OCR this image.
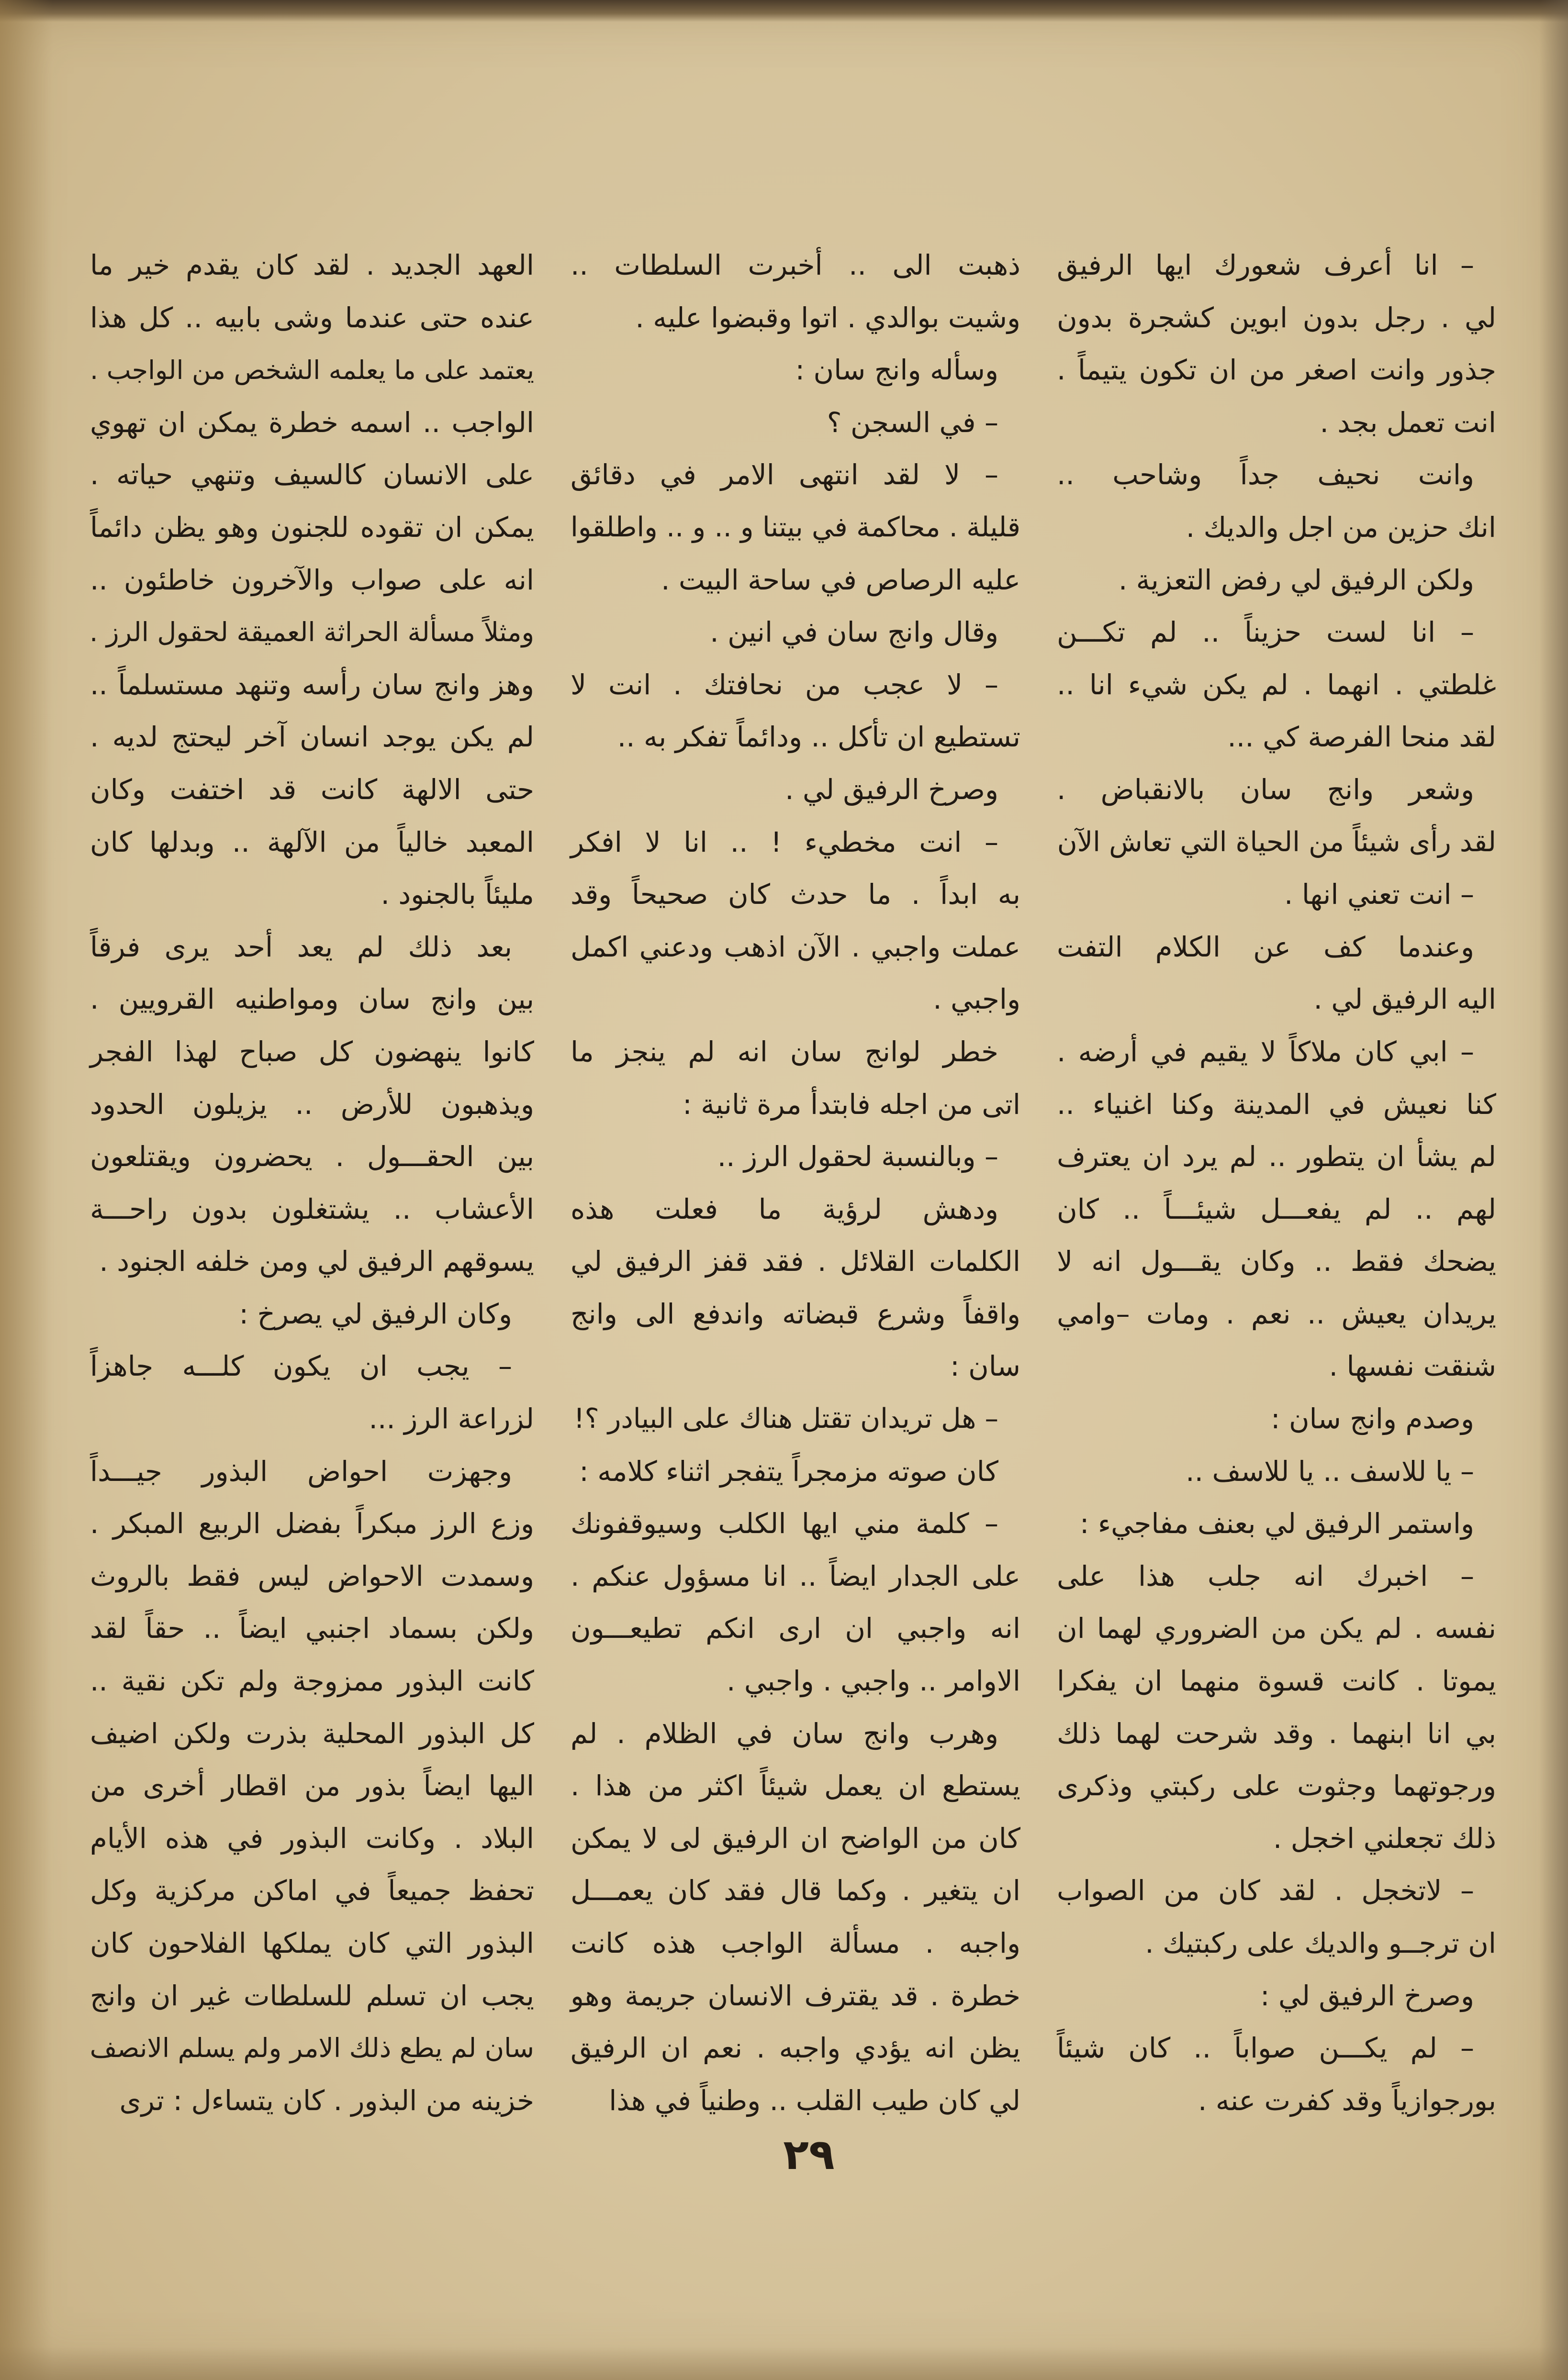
– انا أعرف شعورك ايها الرفيق
لي . رجل بدون ابوين كشجرة بدون
جذور وانت اصغر من ان تكون يتيماً .
انت تعمل بجد .
وانت نحيف جداً وشاحب ..
انك حزين من اجل والديك .
ولكن الرفيق لي رفض التعزية .
– انا لست حزيناً .. لم تكـــن
غلطتي . انهما . لم يكن شيء انا ..
لقد منحا الفرصة كي ...
وشعر وانج سان بالانقباض .
لقد رأى شيئاً من الحياة التي تعاش الآن
– انت تعني انها .
وعندما كف عن الكلام التفت
اليه الرفيق لي .
– ابي كان ملاكاً لا يقيم في أرضه .
كنا نعيش في المدينة وكنا اغنياء ..
لم يشأ ان يتطور .. لم يرد ان يعترف
لهم .. لم يفعـــل شيئـــاً .. كان
يضحك فقط .. وكان يقـــول انه لا
يريدان يعيش .. نعم . ومات –وامي
شنقت نفسها .
وصدم وانج سان :
– يا للاسف .. يا للاسف ..
واستمر الرفيق لي بعنف مفاجيء :
– اخبرك انه جلب هذا على
نفسه . لم يكن من الضروري لهما ان
يموتا . كانت قسوة منهما ان يفكرا
بي انا ابنهما . وقد شرحت لهما ذلك
ورجوتهما وجثوت على ركبتي وذكرى
ذلك تجعلني اخجل .
– لاتخجل . لقد كان من الصواب
ان ترجــو والديك على ركبتيك .
وصرخ الرفيق لي :
– لم يكـــن صواباً .. كان شيئاً
بورجوازياً وقد كفرت عنه .
ذهبت الى .. أخبرت السلطات ..
وشيت بوالدي . اتوا وقبضوا عليه .
وسأله وانج سان :
– في السجن ؟
– لا لقد انتهى الامر في دقائق
قليلة . محاكمة في بيتنا و .. و .. واطلقوا
عليه الرصاص في ساحة البيت .
وقال وانج سان في انين .
– لا عجب من نحافتك . انت لا
تستطيع ان تأكل .. ودائماً تفكر به ..
وصرخ الرفيق لي .
– انت مخطيء ! .. انا لا افكر
به ابداً . ما حدث كان صحيحاً وقد
عملت واجبي . الآن اذهب ودعني اكمل
واجبي .
خطر لوانج سان انه لم ينجز ما
اتى من اجله فابتدأ مرة ثانية :
– وبالنسبة لحقول الرز ..
ودهش لرؤية ما فعلت هذه
الكلمات القلائل . فقد قفز الرفيق لي
واقفاً وشرع قبضاته واندفع الى وانج
سان :
– هل تريدان تقتل هناك على البيادر ؟!
كان صوته مزمجراً يتفجر اثناء كلامه :
– كلمة مني ايها الكلب وسيوقفونك
على الجدار ايضاً .. انا مسؤول عنكم .
انه واجبي ان ارى انكم تطيعـــون
الاوامر .. واجبي . واجبي .
وهرب وانج سان في الظلام . لم
يستطع ان يعمل شيئاً اكثر من هذا .
كان من الواضح ان الرفيق لى لا يمكن
ان يتغير . وكما قال فقد كان يعمـــل
واجبه . مسألة الواجب هذه كانت
خطرة . قد يقترف الانسان جريمة وهو
يظن انه يؤدي واجبه . نعم ان الرفيق
لي كان طيب القلب .. وطنياً في هذا
العهد الجديد . لقد كان يقدم خير ما
عنده حتى عندما وشى بابيه .. كل هذا
يعتمد على ما يعلمه الشخص من الواجب .
الواجب .. اسمه خطرة يمكن ان تهوي
على الانسان كالسيف وتنهي حياته .
يمكن ان تقوده للجنون وهو يظن دائماً
انه على صواب والآخرون خاطئون ..
ومثلاً مسألة الحراثة العميقة لحقول الرز .
وهز وانج سان رأسه وتنهد مستسلماً ..
لم يكن يوجد انسان آخر ليحتج لديه .
حتى الالهة كانت قد اختفت وكان
المعبد خالياً من الآلهة .. وبدلها كان
مليئاً بالجنود .
بعد ذلك لم يعد أحد يرى فرقاً
بين وانج سان ومواطنيه القرويين .
كانوا ينهضون كل صباح لهذا الفجر
ويذهبون للأرض .. يزيلون الحدود
بين الحقـــول . يحضرون ويقتلعون
الأعشاب .. يشتغلون بدون راحـــة
يسوقهم الرفيق لي ومن خلفه الجنود .
وكان الرفيق لي يصرخ :
– يجب ان يكون كلـــه جاهزاً
لزراعة الرز ...
وجهزت احواض البذور جيـــداً
وزع الرز مبكراً بفضل الربيع المبكر .
وسمدت الاحواض ليس فقط بالروث
ولكن بسماد اجنبي ايضاً .. حقاً لقد
كانت البذور ممزوجة ولم تكن نقية ..
كل البذور المحلية بذرت ولكن اضيف
اليها ايضاً بذور من اقطار أخرى من
البلاد . وكانت البذور في هذه الأيام
تحفظ جميعاً في اماكن مركزية وكل
البذور التي كان يملكها الفلاحون كان
يجب ان تسلم للسلطات غير ان وانج
سان لم يطع ذلك الامر ولم يسلم الانصف
خزينه من البذور . كان يتساءل : ترى
٢٩
